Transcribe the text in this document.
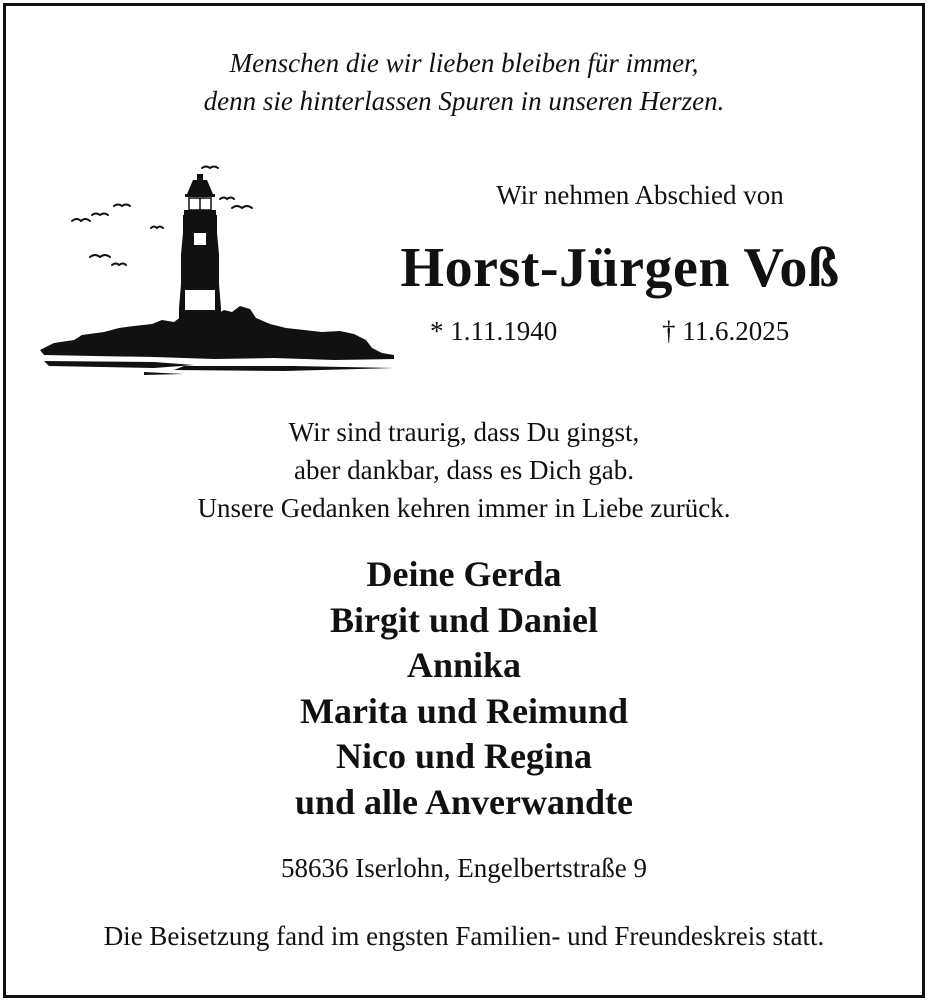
Menschen die wir lieben bleiben für immer,
denn sie hinterlassen Spuren in unseren Herzen.
Wir nehmen Abschied von
Horst-Jürgen Voß
* 1.11.1940	† 11.6.2025
Wir sind traurig, dass Du gingst,
aber dankbar, dass es Dich gab.
Unsere Gedanken kehren immer in Liebe zurück.
Deine Gerda
Birgit und Daniel
Annika
Marita und Reimund
Nico und Regina
und alle Anverwandte
58636 Iserlohn, Engelbertstraße 9
Die Beisetzung fand im engsten Familien- und Freundeskreis statt.
